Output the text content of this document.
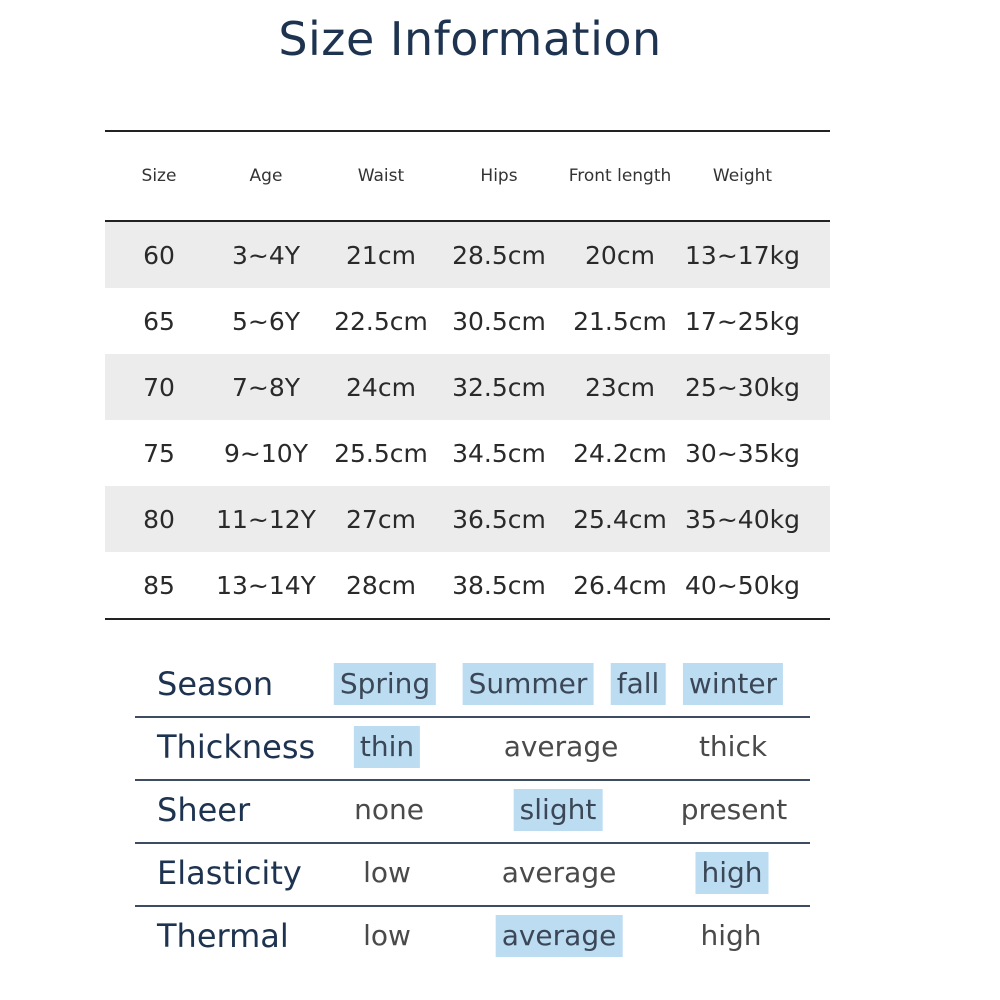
Size Information
Size	Age	Waist	Hips	Front length	Weight
60	3~4Y	21cm	28.5cm	20cm	13~17kg
65	5~6Y	22.5cm 30.5cm	21.5cm 17~25kg
70	7~8Y	24cm	32.5cm	23cm	25~30kg
75	9~10Y	25.5cm 34.5cm	24.2cm 30~35kg
80	11~12Y	27cm	36.5cm	25.4cm 35~40kg
85	13~14Y	28cm	38.5cm	26.4cm 40~50kg
Season Spring Summer fall winter
Thickness thin	average	thick
Sheer	none	slight	present
Elasticity low	average	high
Thermal	low	average	high
